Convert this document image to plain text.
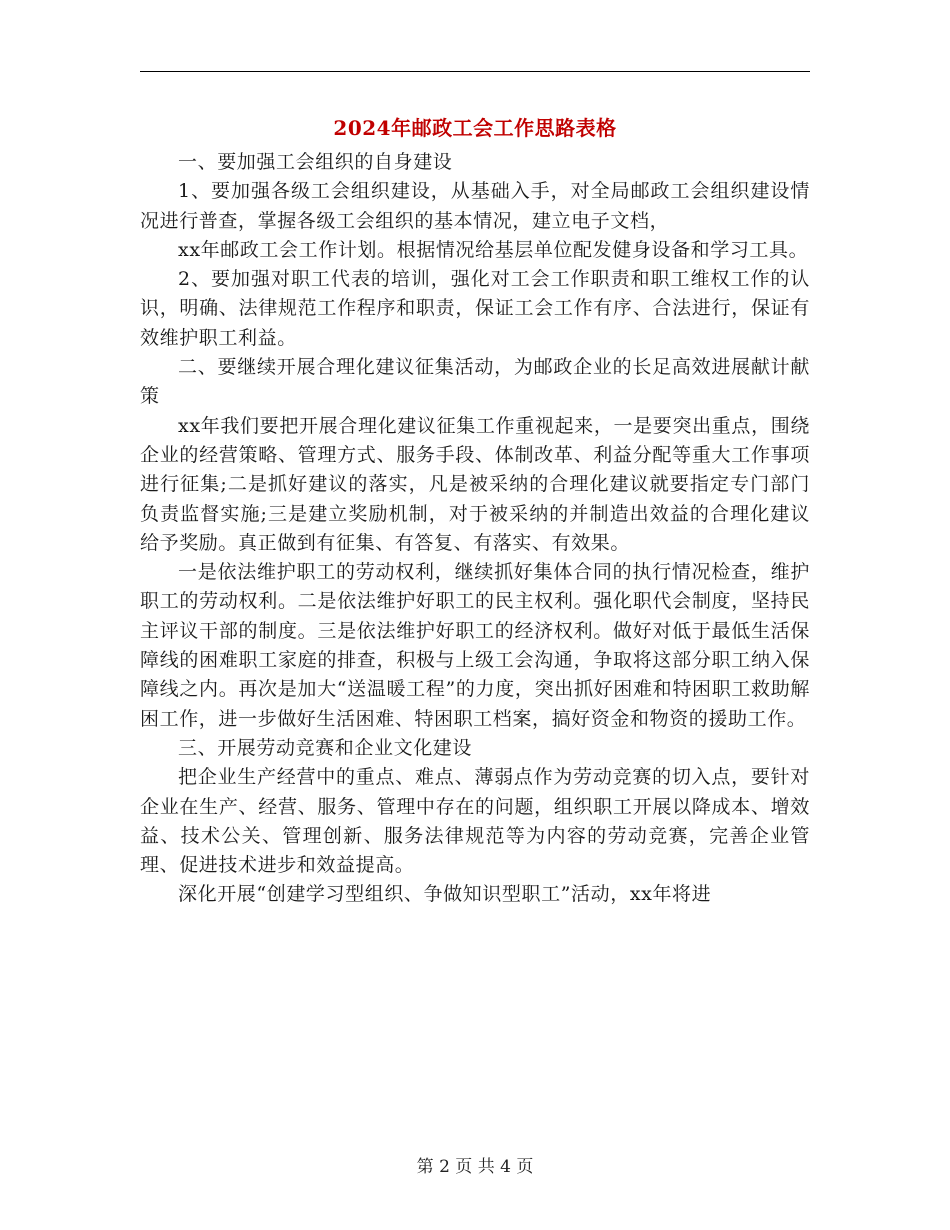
2024年邮政工会工作思路表格

一、要加强工会组织的自身建设

1、要加强各级工会组织建设，从基础入手，对全局邮政工会组织建设情况进行普查，掌握各级工会组织的基本情况，建立电子文档，

xx年邮政工会工作计划。根据情况给基层单位配发健身设备和学习工具。

2、要加强对职工代表的培训，强化对工会工作职责和职工维权工作的认识，明确、法律规范工作程序和职责，保证工会工作有序、合法进行，保证有效维护职工利益。

二、要继续开展合理化建议征集活动，为邮政企业的长足高效进展献计献策

xx年我们要把开展合理化建议征集工作重视起来，一是要突出重点，围绕企业的经营策略、管理方式、服务手段、体制改革、利益分配等重大工作事项进行征集;二是抓好建议的落实，凡是被采纳的合理化建议就要指定专门部门负责监督实施;三是建立奖励机制，对于被采纳的并制造出效益的合理化建议给予奖励。真正做到有征集、有答复、有落实、有效果。

一是依法维护职工的劳动权利，继续抓好集体合同的执行情况检查，维护职工的劳动权利。二是依法维护好职工的民主权利。强化职代会制度，坚持民主评议干部的制度。三是依法维护好职工的经济权利。做好对低于最低生活保障线的困难职工家庭的排查，积极与上级工会沟通，争取将这部分职工纳入保障线之内。再次是加大“送温暖工程”的力度，突出抓好困难和特困职工救助解困工作，进一步做好生活困难、特困职工档案，搞好资金和物资的援助工作。

三、开展劳动竞赛和企业文化建设

把企业生产经营中的重点、难点、薄弱点作为劳动竞赛的切入点，要针对企业在生产、经营、服务、管理中存在的问题，组织职工开展以降成本、增效益、技术公关、管理创新、服务法律规范等为内容的劳动竞赛，完善企业管理、促进技术进步和效益提高。

深化开展“创建学习型组织、争做知识型职工”活动，xx年将进

第 2 页 共 4 页
